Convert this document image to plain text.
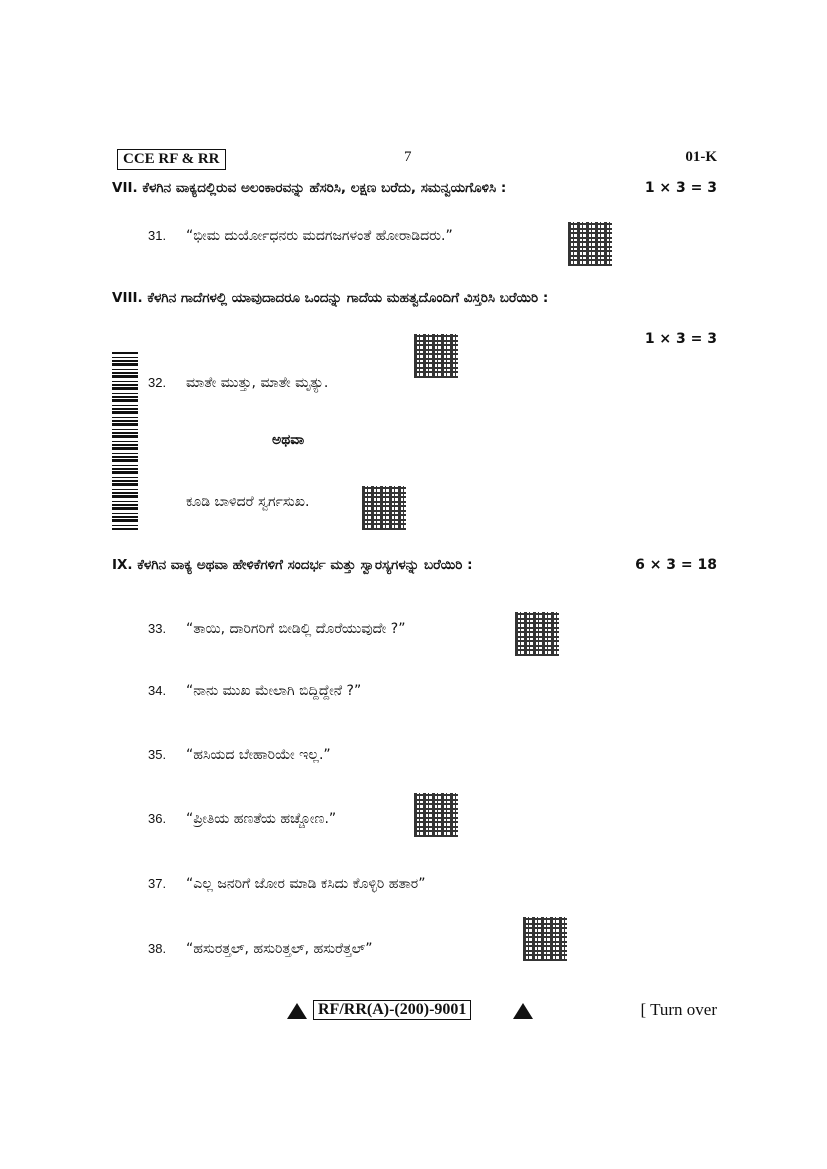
CCE RF & RR	7	01-K
VII. ಕೆಳಗಿನ ವಾಕ್ಯದಲ್ಲಿರುವ ಅಲಂಕಾರವನ್ನು ಹೆಸರಿಸಿ, ಲಕ್ಷಣ ಬರೆದು, ಸಮನ್ವಯಗೊಳಿಸಿ :	1 × 3 = 3
31. “ಭೀಮ ದುರ್ಯೋಧನರು ಮದಗಜಗಳಂತೆ ಹೋರಾಡಿದರು.”
VIII. ಕೆಳಗಿನ ಗಾದೆಗಳಲ್ಲಿ ಯಾವುದಾದರೂ ಒಂದನ್ನು ಗಾದೆಯ ಮಹತ್ವದೊಂದಿಗೆ ವಿಸ್ತರಿಸಿ ಬರೆಯಿರಿ :
1 × 3 = 3
32. ಮಾತೇ ಮುತ್ತು, ಮಾತೇ ಮೃತ್ಯು.
ಅಥವಾ
ಕೂಡಿ ಬಾಳಿದರೆ ಸ್ವರ್ಗಸುಖ.
IX. ಕೆಳಗಿನ ವಾಕ್ಯ ಅಥವಾ ಹೇಳಿಕೆಗಳಿಗೆ ಸಂದರ್ಭ ಮತ್ತು ಸ್ವಾರಸ್ಯಗಳನ್ನು ಬರೆಯಿರಿ :	6 × 3 = 18
33. “ತಾಯಿ, ದಾರಿಗರಿಗೆ ಬೀಡಿಲ್ಲಿ ದೊರೆಯುವುದೇ ?”
34. “ನಾನು ಮುಖ ಮೇಲಾಗಿ ಬಿದ್ದಿದ್ದೇನೆ ?”
35. “ಹಸಿಯದ ಬೇಹಾರಿಯೇ ಇಲ್ಲ.”
36. “ಪ್ರೀತಿಯ ಹಣತೆಯ ಹಚ್ಚೋಣ.”
37. “ಎಲ್ಲ ಜನರಿಗೆ ಜೋರ ಮಾಡಿ ಕಸಿದು ಕೊಳ್ಳಿರಿ ಹತಾರ”
38. “ಹಸುರತ್ತಲ್, ಹಸುರಿತ್ತಲ್, ಹಸುರೆತ್ತಲ್”
RF/RR(A)-(200)-9001	[ Turn over
